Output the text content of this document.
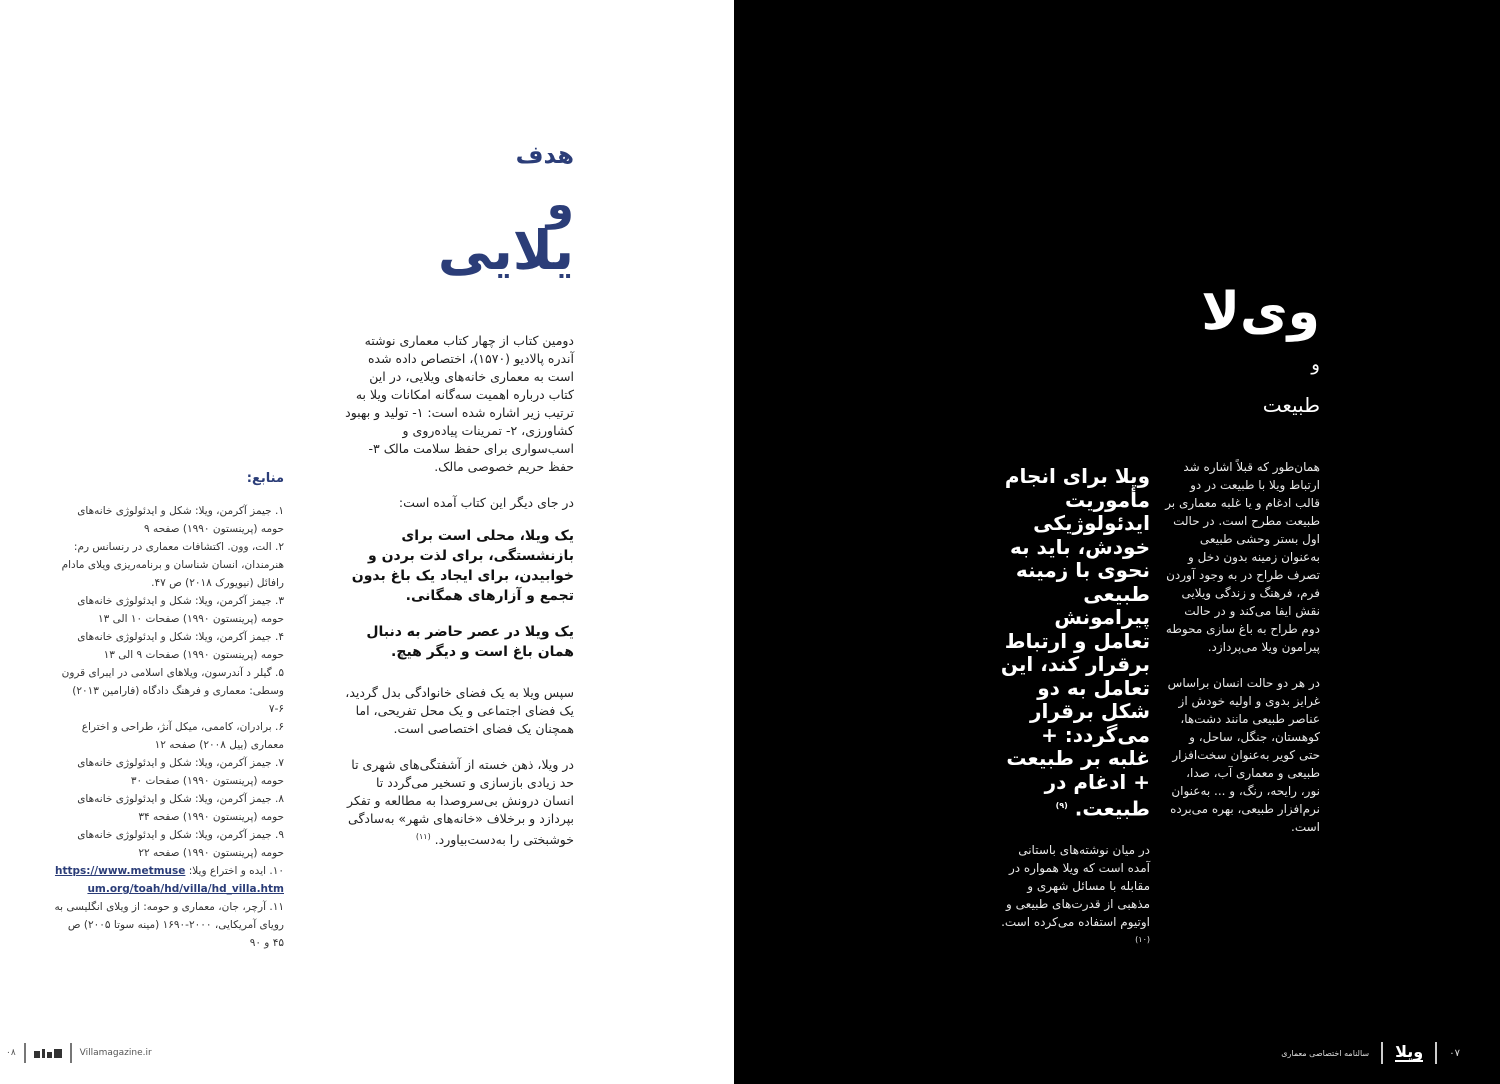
هدف
و
یلایی

دومین کتاب از چهار کتاب معماری نوشته آندره پالادیو (۱۵۷۰)، اختصاص داده شده است به معماری خانه‌های ویلایی، در این کتاب درباره اهمیت سه‌گانه امکانات ویلا به ترتیب زیر اشاره شده است: ۱- تولید و بهبود کشاورزی، ۲- تمرینات پیاده‌روی و اسب‌سواری برای حفظ سلامت مالک ۳- حفظ حریم خصوصی مالک.

در جای دیگر این کتاب آمده است:

یک ویلا، محلی است برای بازنشستگی، برای لذت بردن و خوابیدن، برای ایجاد یک باغ بدون تجمع و آزارهای همگانی.

یک ویلا در عصر حاضر به دنبال همان باغ است و دیگر هیچ.

سپس ویلا به یک فضای خانوادگی بدل گردید، یک فضای اجتماعی و یک محل تفریحی، اما همچنان یک فضای اختصاصی است.

در ویلا، ذهن خسته از آشفتگی‌های شهری تا حد زیادی بازسازی و تسخیر می‌گردد تا انسان درونش بی‌سروصدا به مطالعه و تفکر بپردازد و برخلاف «خانه‌های شهر» به‌سادگی خوشبختی را به‌دست‌بیاورد. $^{(۱۱)}$

منابع:
۱. جیمز آکرمن، ویلا: شکل و ایدئولوژی خانه‌های حومه (پرینستون ۱۹۹۰) صفحه ۹
۲. الت، وون. اکتشافات معماری در رنسانس رم: هنرمندان، انسان شناسان و برنامه‌ریزی ویلای مادام رافائل (نیویورک ۲۰۱۸) ص ۴۷.
۳. جیمز آکرمن، ویلا: شکل و ایدئولوژی خانه‌های حومه (پرینستون ۱۹۹۰) صفحات ۱۰ الی ۱۳
۴. جیمز آکرمن، ویلا: شکل و ایدئولوژی خانه‌های حومه (پرینستون ۱۹۹۰) صفحات ۹ الی ۱۳
۵. گیلر د آندرسون، ویلاهای اسلامی در ایبرای قرون وسطی: معماری و فرهنگ دادگاه (فارامین ۲۰۱۳) ۶-۷
۶. برادران، کاممی، میکل آنژ، طراحی و اختراع معماری (ییل ۲۰۰۸) صفحه ۱۲
۷. جیمز آکرمن، ویلا: شکل و ایدئولوژی خانه‌های حومه (پرینستون ۱۹۹۰) صفحات ۳۰
۸. جیمز آکرمن، ویلا: شکل و ایدئولوژی خانه‌های حومه (پرینستون ۱۹۹۰) صفحه ۳۴
۹. جیمز آکرمن، ویلا: شکل و ایدئولوژی خانه‌های حومه (پرینستون ۱۹۹۰) صفحه ۲۲
۱۰. ایده و اختراع ویلا: https://www.metmuseum.org/toah/hd/villa/hd_villa.htm
۱۱. آرچر، جان، معماری و حومه: از ویلای انگلیسی به رویای آمریکایی، ۲۰۰۰-۱۶۹۰ (مینه سوتا ۲۰۰۵) ص ۴۵ و ۹۰
۰۸	Villamagazine.ir
وی‌لا
و
طبیعت

همان‌طور که قبلاً اشاره شد ارتباط ویلا با طبیعت در دو قالب ادغام و یا غلبه معماری بر طبیعت مطرح است. در حالت اول بستر وحشی طبیعی به‌عنوان زمینه بدون دخل و تصرف طراح در به وجود آوردن فرم، فرهنگ و زندگی ویلایی نقش ایفا می‌کند و در حالت دوم طراح به باغ سازی محوطه پیرامون ویلا می‌پردازد.

در هر دو حالت انسان براساس غرایز بدوی و اولیه خودش از عناصر طبیعی مانند دشت‌ها، کوهستان، جنگل، ساحل، و حتی کویر به‌عنوان سخت‌افزار طبیعی و معماری آب، صدا، نور، رایحه، رنگ، و ... به‌عنوان نرم‌افزار طبیعی، بهره می‌برده است.

ویلا برای انجام مأموریت ایدئولوژیکی خودش، باید به نحوی با زمینه طبیعی پیرامونش تعامل و ارتباط برقرار کند، این تعامل به دو شکل برقرار می‌گردد: + غلبه بر طبیعت + ادغام در طبیعت. $^{(۹)}$
در میان نوشته‌های باستانی آمده است که ویلا همواره در مقابله با مسائل شهری و مذهبی از قدرت‌های طبیعی و اوتیوم استفاده می‌کرده است. $^{(۱۰)}$
سالنامه اختصاصی معماری ویلا	۰۷
